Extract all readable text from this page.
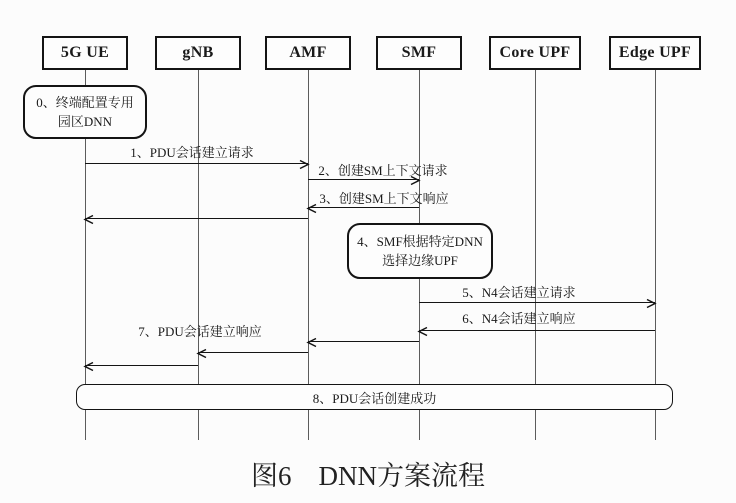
5G UE	gNB	AMF	SMF	Core UPF	Edge UPF
0、终端配置专用
园区DNN
1、PDU会话建立请求
2、创建SM上下文请求
3、创建SM上下文响应
4、SMF根据特定DNN
选择边缘UPF
5、N4会话建立请求
6、N4会话建立响应
7、PDU会话建立响应
8、PDU会话创建成功
图6　DNN方案流程
